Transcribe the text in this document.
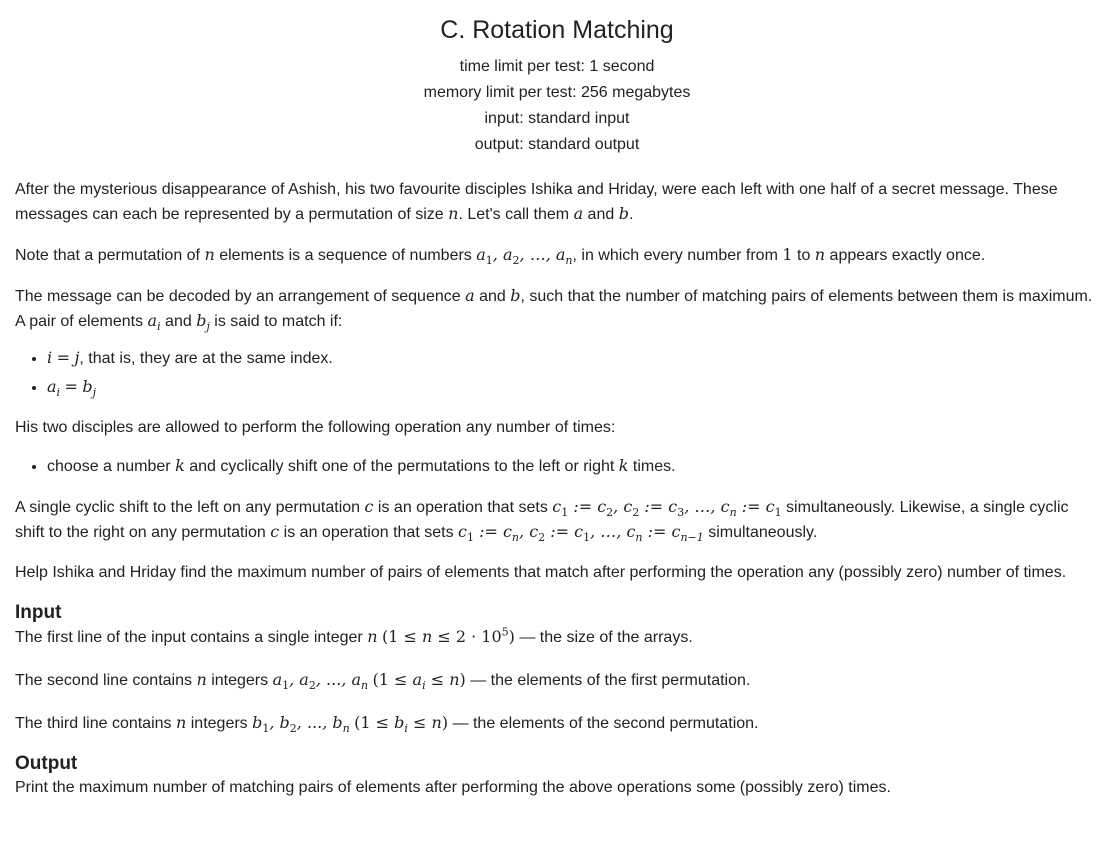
C. Rotation Matching
time limit per test: 1 second
memory limit per test: 256 megabytes
input: standard input
output: standard output

After the mysterious disappearance of Ashish, his two favourite disciples Ishika and Hriday, were each left with one half of a secret message. These messages can each be represented by a permutation of size n. Let's call them a and b.

Note that a permutation of n elements is a sequence of numbers $a_1$, $a_2$, …, $a_n$, in which every number from 1 to n appears exactly once.

The message can be decoded by an arrangement of sequence a and b, such that the number of matching pairs of elements between them is maximum. A pair of elements $a_i$ and $b_j$ is said to match if:

• i = j, that is, they are at the same index.
• $a_i = b_j$

His two disciples are allowed to perform the following operation any number of times:

• choose a number k and cyclically shift one of the permutations to the left or right k times.

A single cyclic shift to the left on any permutation c is an operation that sets $c_1$ := $c_2$, $c_2$ := $c_3$, …, $c_n$ := $c_1$ simultaneously. Likewise, a single cyclic shift to the right on any permutation c is an operation that sets $c_1$ := $c_n$, $c_2$ := $c_1$, …, $c_n$ := $c_{n-1}$ simultaneously.

Help Ishika and Hriday find the maximum number of pairs of elements that match after performing the operation any (possibly zero) number of times.

Input

The first line of the input contains a single integer n $(1 \le n \le 2 \cdot 10^5)$ — the size of the arrays.

The second line contains n integers $a_1$, $a_2$, ..., $a_n$ $(1 \le a_i \le n)$ — the elements of the first permutation.

The third line contains n integers $b_1$, $b_2$, ..., $b_n$ $(1 \le b_i \le n)$ — the elements of the second permutation.

Output

Print the maximum number of matching pairs of elements after performing the above operations some (possibly zero) times.
